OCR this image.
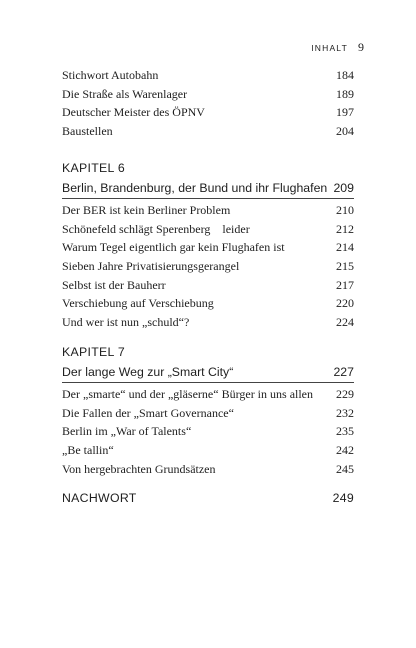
INHALT 9
Stichwort Autobahn	184
Die Straße als Warenlager	189
Deutscher Meister des ÖPNV	197
Baustellen	204
KAPITEL 6
Berlin, Brandenburg, der Bund und ihr Flughafen 209
Der BER ist kein Berliner Problem	210
Schönefeld schlägt Sperenberg    leider	212
Warum Tegel eigentlich gar kein Flughafen ist	214
Sieben Jahre Privatisierungsgerangel	215
Selbst ist der Bauherr	217
Verschiebung auf Verschiebung	220
Und wer ist nun „schuld“?	224
KAPITEL 7
Der lange Weg zur „Smart City“	227
Der „smarte“ und der „gläserne“ Bürger in uns allen 229
Die Fallen der „Smart Governance“	232
Berlin im „War of Talents“	235
„Be tallin“	242
Von hergebrachten Grundsätzen	245
NACHWORT	249
